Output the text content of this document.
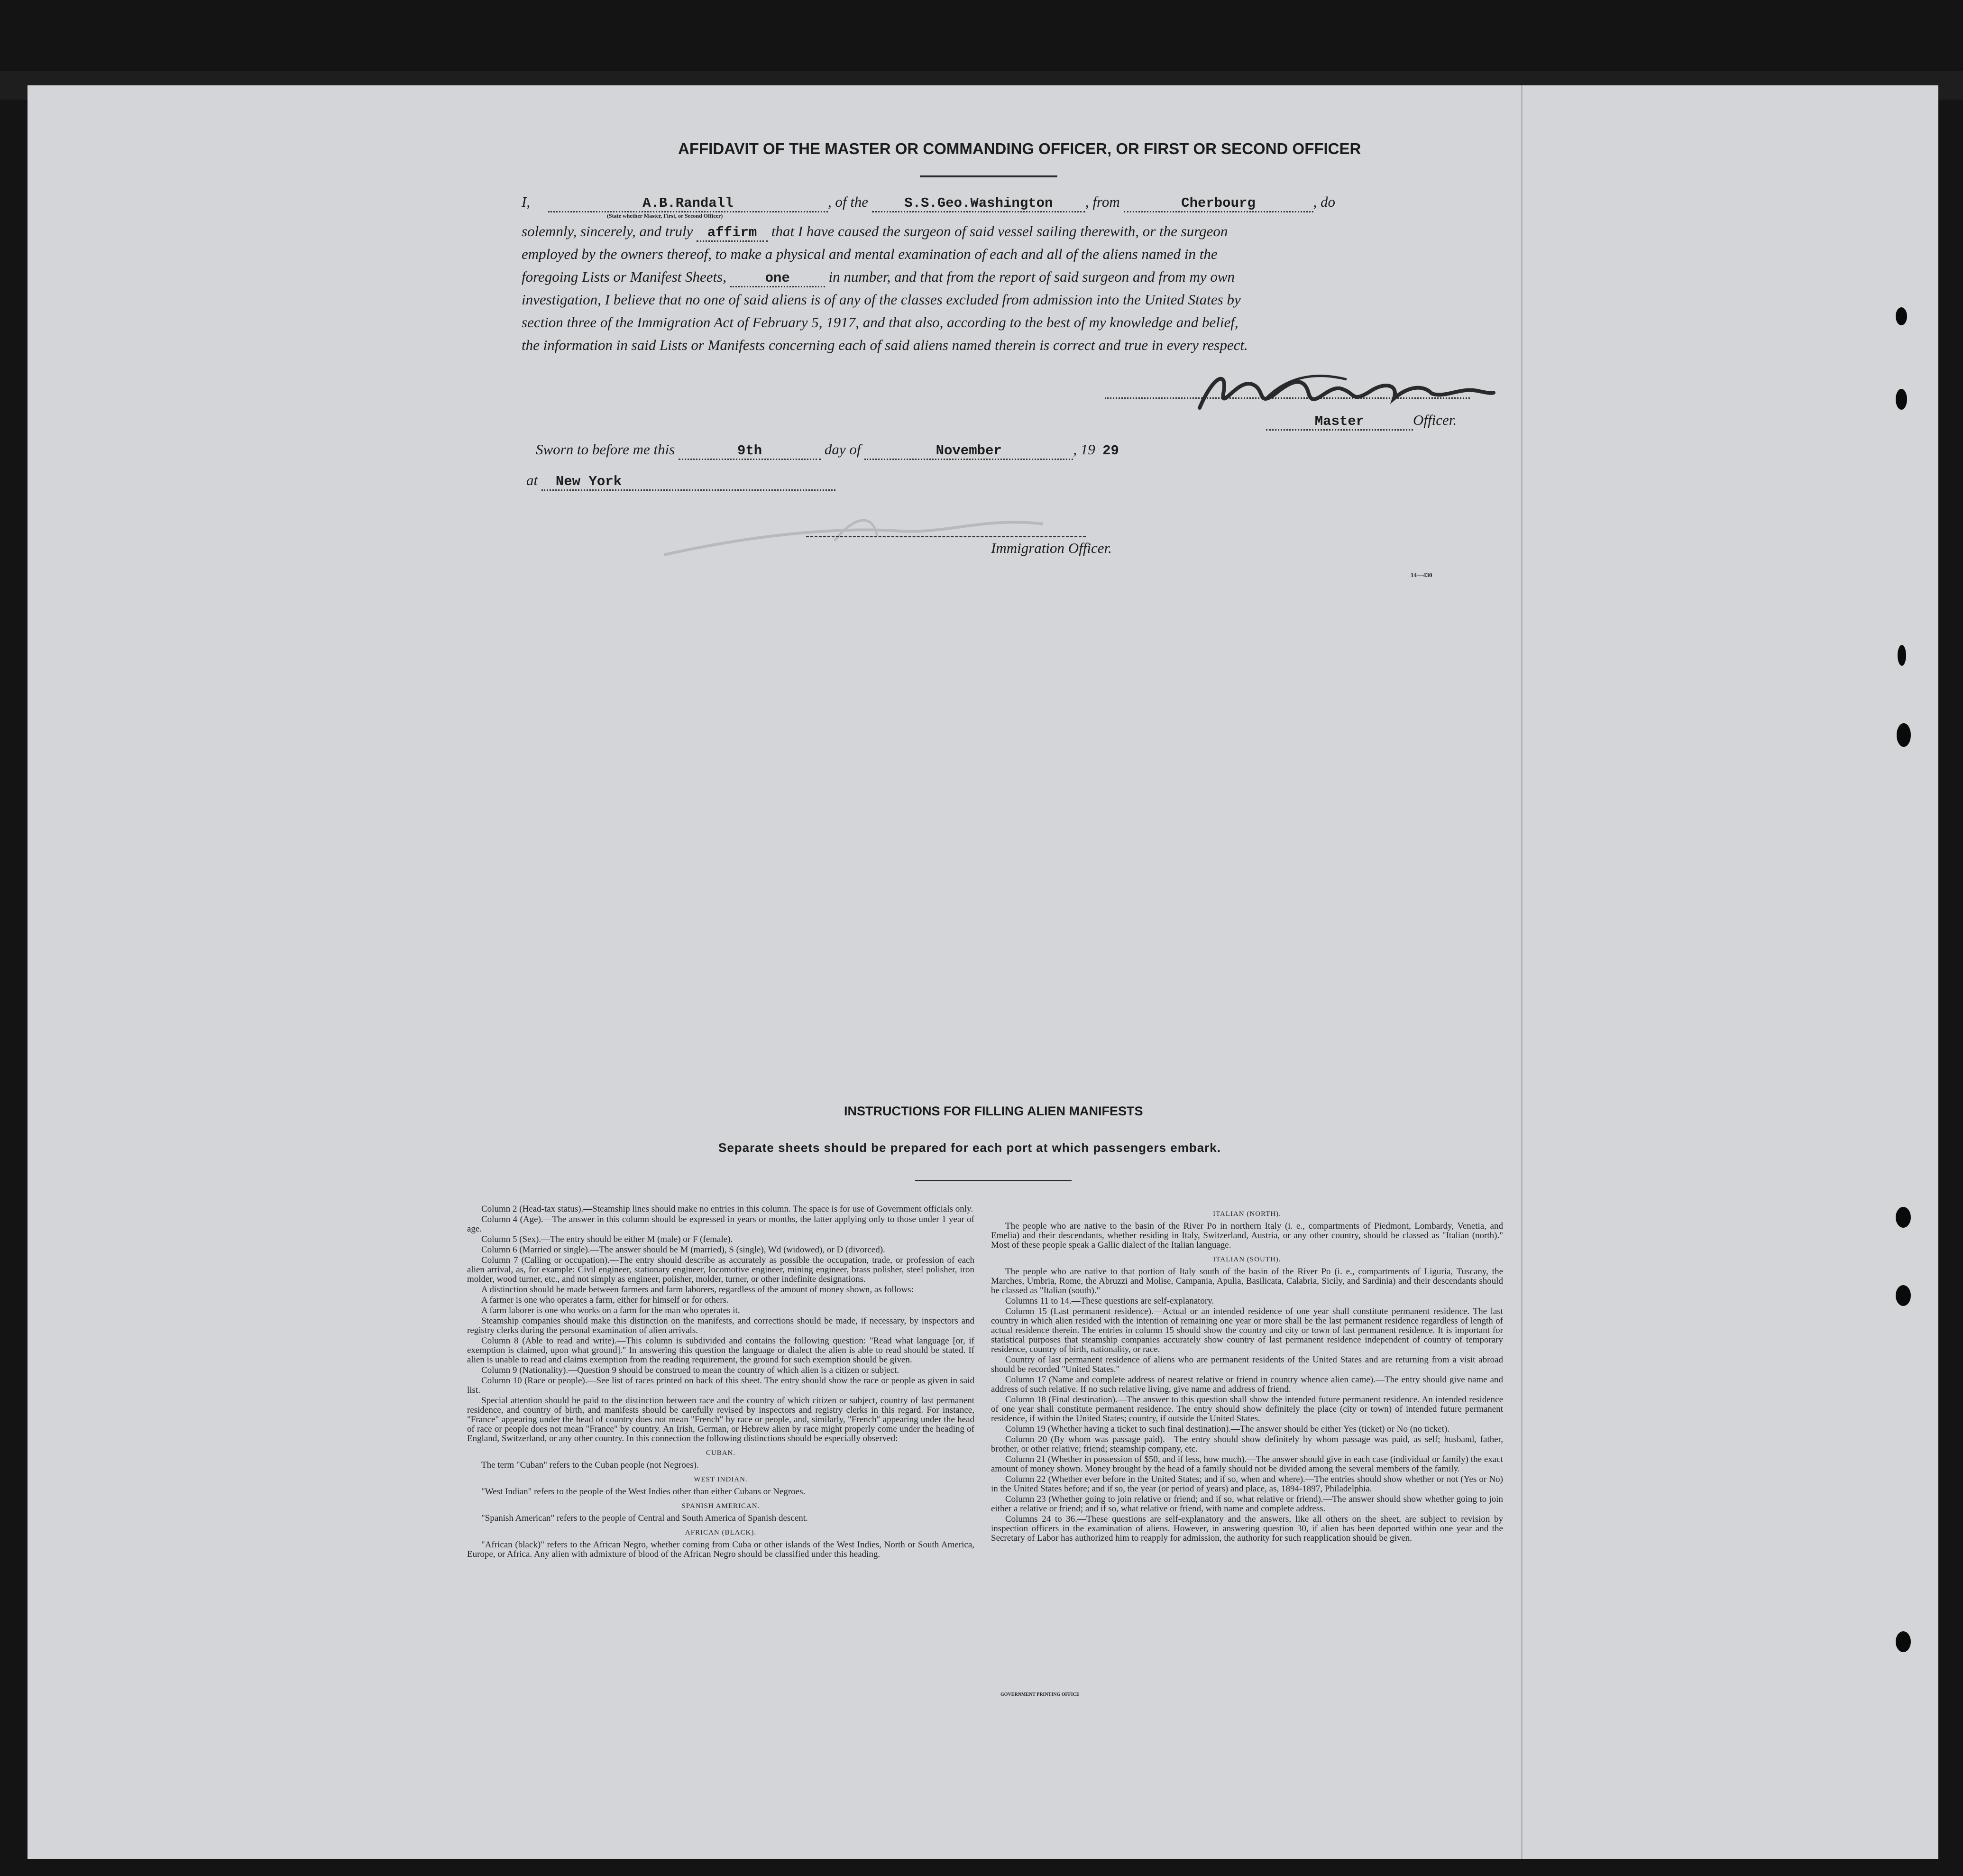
AFFIDAVIT OF THE MASTER OR COMMANDING OFFICER, OR FIRST OR SECOND OFFICER
I,	A.B.Randall	, of the	S.S.Geo.Washington , from	Cherbourg	, do
(State whether Master, First, or Second Officer)
solemnly, sincerely, and truly affirm that I have caused the surgeon of said vessel sailing therewith, or the surgeon
employed by the owners thereof, to make a physical and mental examination of each and all of the aliens named in the
foregoing Lists or Manifest Sheets,	one	in number, and that from the report of said surgeon and from my own
investigation, I believe that no one of said aliens is of any of the classes excluded from admission into the United States by
section three of the Immigration Act of February 5, 1917, and that also, according to the best of my knowledge and belief,
the information in said Lists or Manifests concerning each of said aliens named therein is correct and true in every respect.
Master	Officer.
Sworn to before me this	9th	day of	November	, 19 29
at New York
Immigration Officer.
14—430
INSTRUCTIONS FOR FILLING ALIEN MANIFESTS
Separate sheets should be prepared for each port at which passengers embark.

Column 2 (Head-tax status).—Steamship lines should make no entries in this column. The space is for use of Government officials only.

Column 4 (Age).—The answer in this column should be expressed in years or months, the latter applying only to those under 1 year of age.

Column 5 (Sex).—The entry should be either M (male) or F (female).

Column 6 (Married or single).—The answer should be M (married), S (single), Wd (widowed), or D (divorced).

Column 7 (Calling or occupation).—The entry should describe as accurately as possible the occupation, trade, or profession of each alien arrival, as, for example: Civil engineer, stationary engineer, locomotive engineer, mining engineer, brass polisher, steel polisher, iron molder, wood turner, etc., and not simply as engineer, polisher, molder, turner, or other indefinite designations.

A distinction should be made between farmers and farm laborers, regardless of the amount of money shown, as follows:

A farmer is one who operates a farm, either for himself or for others.

A farm laborer is one who works on a farm for the man who operates it.

Steamship companies should make this distinction on the manifests, and corrections should be made, if necessary, by inspectors and registry clerks during the personal examination of alien arrivals.

Column 8 (Able to read and write).—This column is subdivided and contains the following question: "Read what language [or, if exemption is claimed, upon what ground]." In answering this question the language or dialect the alien is able to read should be stated. If alien is unable to read and claims exemption from the reading requirement, the ground for such exemption should be given.

Column 9 (Nationality).—Question 9 should be construed to mean the country of which alien is a citizen or subject.

Column 10 (Race or people).—See list of races printed on back of this sheet. The entry should show the race or people as given in said list.

Special attention should be paid to the distinction between race and the country of which citizen or subject, country of last permanent residence, and country of birth, and manifests should be carefully revised by inspectors and registry clerks in this regard. For instance, "France" appearing under the head of country does not mean "French" by race or people, and, similarly, "French" appearing under the head of race or people does not mean "France" by country. An Irish, German, or Hebrew alien by race might properly come under the heading of England, Switzerland, or any other country. In this connection the following distinctions should be especially observed:

CUBAN.

The term "Cuban" refers to the Cuban people (not Negroes).

WEST INDIAN.

"West Indian" refers to the people of the West Indies other than either Cubans or Negroes.

SPANISH AMERICAN.

"Spanish American" refers to the people of Central and South America of Spanish descent.

AFRICAN (BLACK).

"African (black)" refers to the African Negro, whether coming from Cuba or other islands of the West Indies, North or South America, Europe, or Africa. Any alien with admixture of blood of the African Negro should be classified under this heading.

ITALIAN (NORTH).

The people who are native to the basin of the River Po in northern Italy (i. e., compartments of Piedmont, Lombardy, Venetia, and Emelia) and their descendants, whether residing in Italy, Switzerland, Austria, or any other country, should be classed as "Italian (north)." Most of these people speak a Gallic dialect of the Italian language.

ITALIAN (SOUTH).

The people who are native to that portion of Italy south of the basin of the River Po (i. e., compartments of Liguria, Tuscany, the Marches, Umbria, Rome, the Abruzzi and Molise, Campania, Apulia, Basilicata, Calabria, Sicily, and Sardinia) and their descendants should be classed as "Italian (south)."

Columns 11 to 14.—These questions are self-explanatory.

Column 15 (Last permanent residence).—Actual or an intended residence of one year shall constitute permanent residence. The last country in which alien resided with the intention of remaining one year or more shall be the last permanent residence regardless of length of actual residence therein. The entries in column 15 should show the country and city or town of last permanent residence. It is important for statistical purposes that steamship companies accurately show country of last permanent residence independent of country of temporary residence, country of birth, nationality, or race.

Country of last permanent residence of aliens who are permanent residents of the United States and are returning from a visit abroad should be recorded "United States."

Column 17 (Name and complete address of nearest relative or friend in country whence alien came).—The entry should give name and address of such relative. If no such relative living, give name and address of friend.

Column 18 (Final destination).—The answer to this question shall show the intended future permanent residence. An intended residence of one year shall constitute permanent residence. The entry should show definitely the place (city or town) of intended future permanent residence, if within the United States; country, if outside the United States.

Column 19 (Whether having a ticket to such final destination).—The answer should be either Yes (ticket) or No (no ticket).

Column 20 (By whom was passage paid).—The entry should show definitely by whom passage was paid, as self; husband, father, brother, or other relative; friend; steamship company, etc.

Column 21 (Whether in possession of $50, and if less, how much).—The answer should give in each case (individual or family) the exact amount of money shown. Money brought by the head of a family should not be divided among the several members of the family.

Column 22 (Whether ever before in the United States; and if so, when and where).—The entries should show whether or not (Yes or No) in the United States before; and if so, the year (or period of years) and place, as, 1894-1897, Philadelphia.

Column 23 (Whether going to join relative or friend; and if so, what relative or friend).—The answer should show whether going to join either a relative or friend; and if so, what relative or friend, with name and complete address.

Columns 24 to 36.—These questions are self-explanatory and the answers, like all others on the sheet, are subject to revision by inspection officers in the examination of aliens. However, in answering question 30, if alien has been deported within one year and the Secretary of Labor has authorized him to reapply for admission, the authority for such reapplication should be given.

GOVERNMENT PRINTING OFFICE
